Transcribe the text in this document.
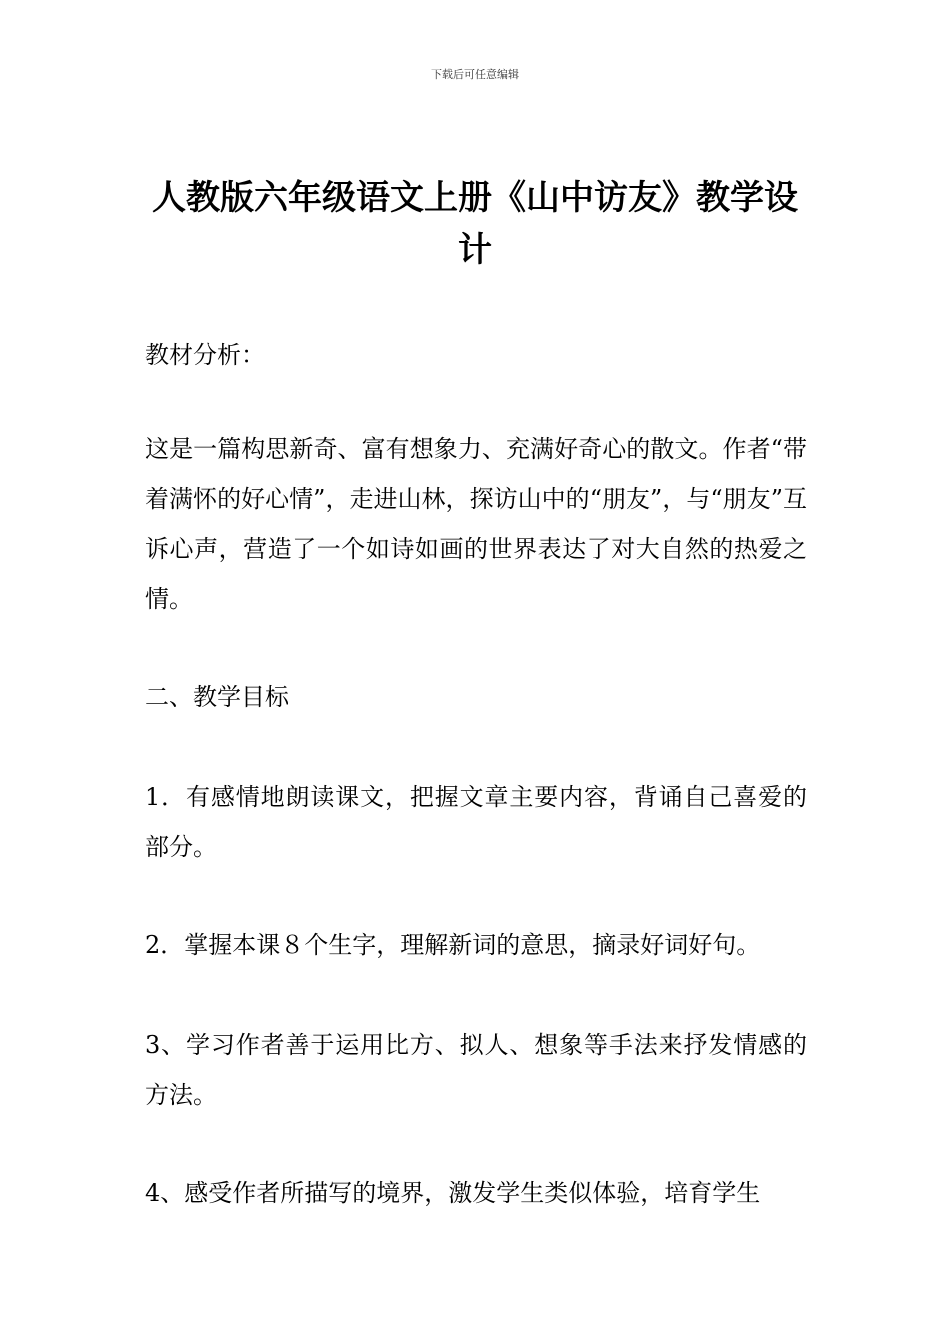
下载后可任意编辑
人教版六年级语文上册《山中访友》教学设计

教材分析：

这是一篇构思新奇、富有想象力、充满好奇心的散文。作者“带着满怀的好心情”，走进山林，探访山中的“朋友”，与“朋友”互诉心声，营造了一个如诗如画的世界表达了对大自然的热爱之情。

二、教学目标

1．有感情地朗读课文，把握文章主要内容，背诵自己喜爱的部分。

2．掌握本课８个生字，理解新词的意思，摘录好词好句。

3、学习作者善于运用比方、拟人、想象等手法来抒发情感的方法。

4、感受作者所描写的境界，激发学生类似体验，培育学生
